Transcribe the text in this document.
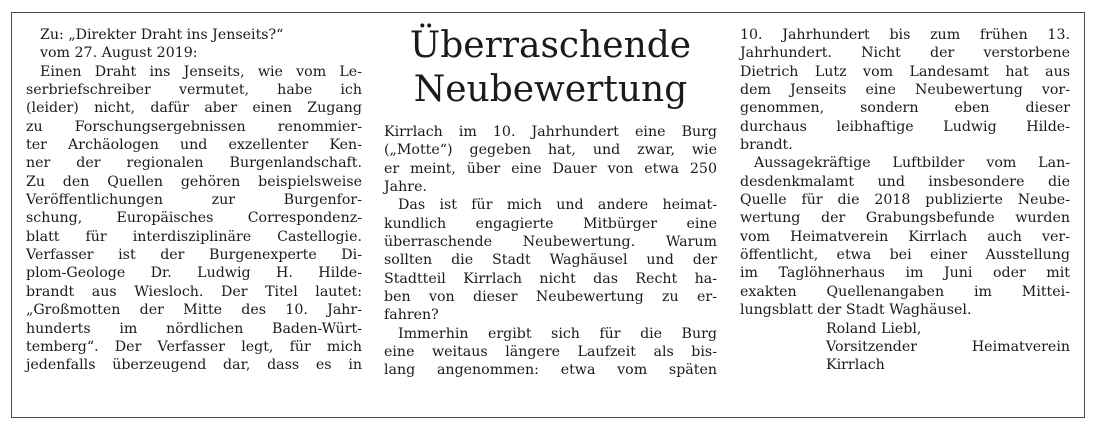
Überraschende
Neubewertung
Zu: „Direkter Draht ins Jenseits?“
vom 27. August 2019:
Einen Draht ins Jenseits, wie vom Le-
serbriefschreiber vermutet, habe ich
(leider) nicht, dafür aber einen Zugang
zu Forschungsergebnissen renommier-
ter Archäologen und exzellenter Ken-
ner der regionalen Burgenlandschaft.
Zu den Quellen gehören beispielsweise
Veröffentlichungen zur Burgenfor-
schung, Europäisches Correspondenz-
blatt für interdisziplinäre Castellogie.
Verfasser ist der Burgenexperte Di-
plom-Geologe Dr. Ludwig H. Hilde-
brandt aus Wiesloch. Der Titel lautet:
„Großmotten der Mitte des 10. Jahr-
hunderts im nördlichen Baden-Würt-
temberg“. Der Verfasser legt, für mich
jedenfalls überzeugend dar, dass es in
Kirrlach im 10. Jahrhundert eine Burg
(„Motte“) gegeben hat, und zwar, wie
er meint, über eine Dauer von etwa 250
Jahre.
Das ist für mich und andere heimat-
kundlich engagierte Mitbürger eine
überraschende Neubewertung. Warum
sollten die Stadt Waghäusel und der
Stadtteil Kirrlach nicht das Recht ha-
ben von dieser Neubewertung zu er-
fahren?
Immerhin ergibt sich für die Burg
eine weitaus längere Laufzeit als bis-
lang angenommen: etwa vom späten
10. Jahrhundert bis zum frühen 13.
Jahrhundert. Nicht der verstorbene
Dietrich Lutz vom Landesamt hat aus
dem Jenseits eine Neubewertung vor-
genommen, sondern eben dieser
durchaus leibhaftige Ludwig Hilde-
brandt.
Aussagekräftige Luftbilder vom Lan-
desdenkmalamt und insbesondere die
Quelle für die 2018 publizierte Neube-
wertung der Grabungsbefunde wurden
vom Heimatverein Kirrlach auch ver-
öffentlicht, etwa bei einer Ausstellung
im Taglöhnerhaus im Juni oder mit
exakten Quellenangaben im Mittei-
lungsblatt der Stadt Waghäusel.
Roland Liebl,
Vorsitzender Heimatverein
Kirrlach
